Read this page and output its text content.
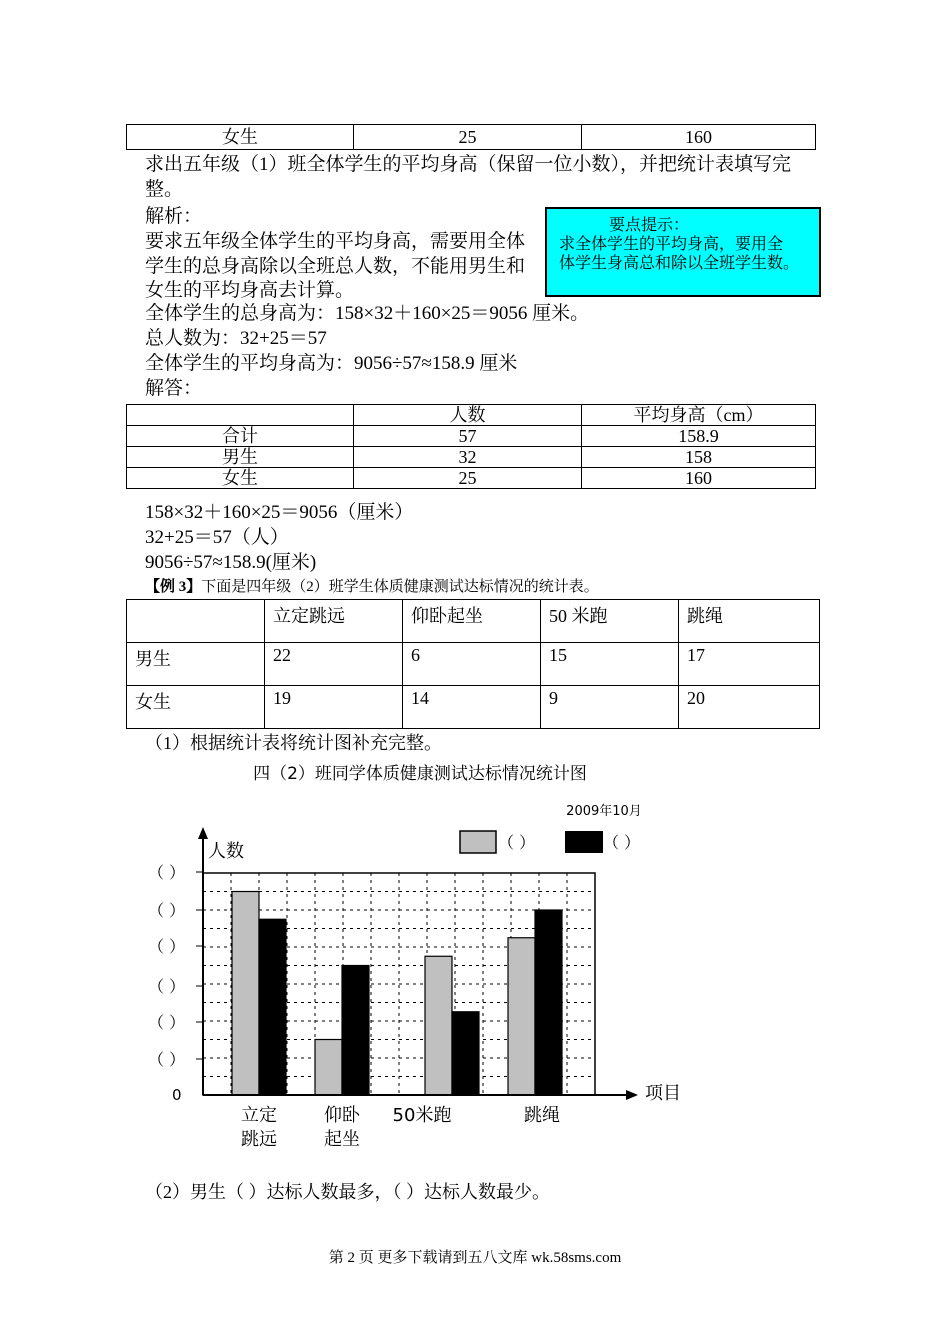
女生	25	160
求出五年级（1）班全体学生的平均身高（保留一位小数），并把统计表填写完
整。
解析：
要求五年级全体学生的平均身高，需要用全体
学生的总身高除以全班总人数，不能用男生和
女生的平均身高去计算。
要点提示：
求全体学生的平均身高，要用全
体学生身高总和除以全班学生数。
全体学生的总身高为：158×32＋160×25＝9056 厘米。
总人数为：32+25＝57
全体学生的平均身高为：9056÷57≈158.9 厘米
解答：
	人数	平均身高（cm）
合计	57	158.9
男生	32	158
女生	25	160
158×32＋160×25＝9056（厘米）
32+25＝57（人）
9056÷57≈158.9(厘米)
【例 3】下面是四年级（2）班学生体质健康测试达标情况的统计表。
	立定跳远	仰卧起坐	50 米跑	跳绳
男生	22	6	15	17
女生	19	14	9	20
（1）根据统计表将统计图补充完整。
四（2）班同学体质健康测试达标情况统计图
2009年10月
人数
项目
0
（ ）	（ ）
（ ）
（ ）
（ ）
（ ）
（ ）
（ ）
立定
跳远
仰卧
起坐
50米跑	跳绳
（2）男生（ ）达标人数最多，（ ）达标人数最少。
第 2 页 更多下载请到五八文库 wk.58sms.com
